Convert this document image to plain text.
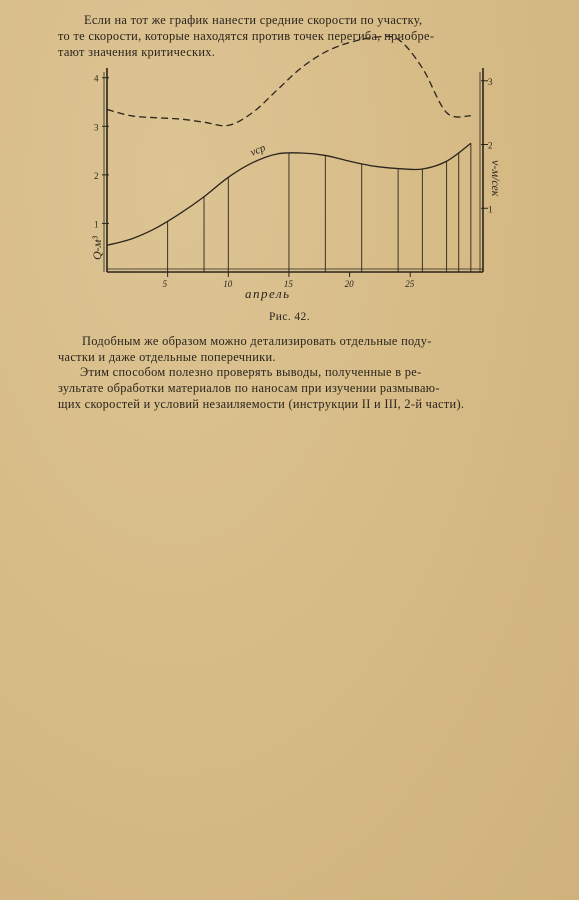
Если на тот же график нанести средние скорости по участку,
то те скорости, которые находятся против точек перегиба, приобре-
тают значения критических.

Q-м³
v-м/сек
апрель
vср
1
2
3
4
1
2
3
5	10	15	20	25
Рис. 42.

Подобным же образом можно детализировать отдельные поду-
частки и даже отдельные поперечники.

Этим способом полезно проверять выводы, полученные в ре-
зультате обработки материалов по наносам при изучении размываю-
щих скоростей и условий незаиляемости (инструкции II и III, 2-й части).
